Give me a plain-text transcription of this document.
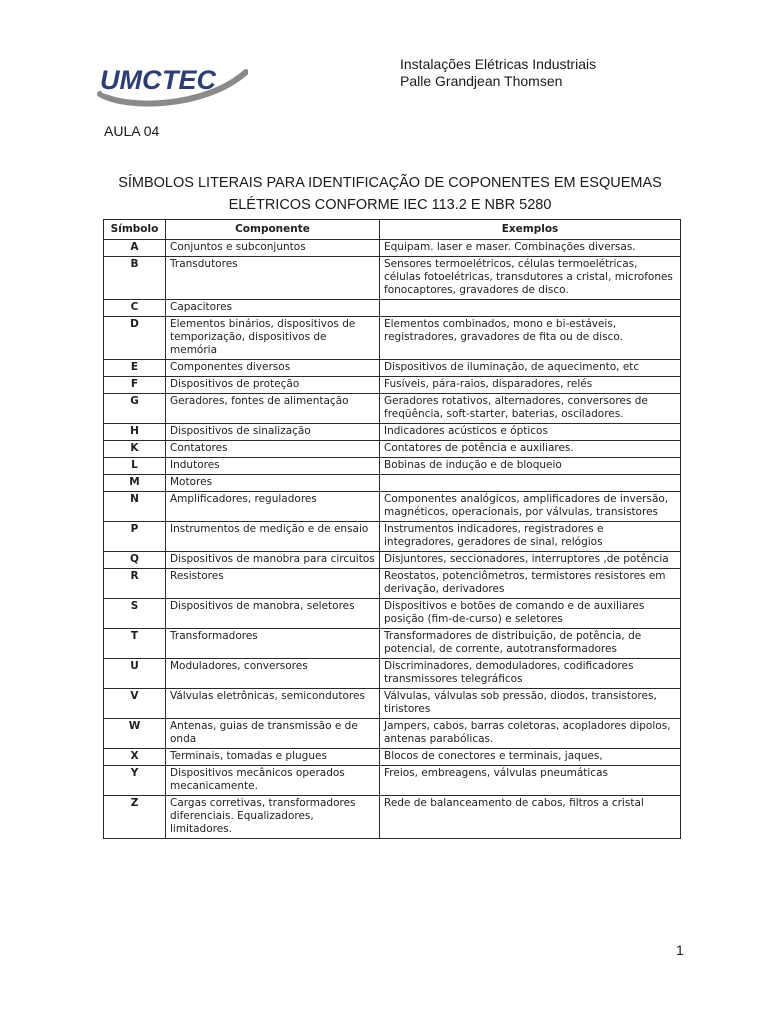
UMC TEC
Instalações Elétricas Industriais
Palle Grandjean Thomsen
AULA 04
SÍMBOLOS LITERAIS PARA IDENTIFICAÇÃO DE COPONENTES EM ESQUEMAS
ELÉTRICOS CONFORME IEC 113.2 E NBR 5280
Símbolo	Componente	Exemplos
A	Conjuntos e subconjuntos	Equipam. laser e maser. Combinações diversas.
B	Transdutores	Sensores termoelétricos, células termoelétricas, células fotoelétricas, transdutores a cristal, microfones fonocaptores, gravadores de disco.
C	Capacitores	
D	Elementos binários, dispositivos de temporização, dispositivos de memória	Elementos combinados, mono e bi-estáveis, registradores, gravadores de fita ou de disco.
E	Componentes diversos	Dispositivos de iluminação, de aquecimento, etc
F	Dispositivos de proteção	Fusíveis, pára-raios, disparadores, relés
G	Geradores, fontes de alimentação	Geradores rotativos, alternadores, conversores de freqüência, soft-starter, baterias, osciladores.
H	Dispositivos de sinalização	Indicadores acústicos e ópticos
K	Contatores	Contatores de potência e auxiliares.
L	Indutores	Bobinas de indução e de bloqueio
M	Motores	
N	Amplificadores, reguladores	Componentes analógicos, amplificadores de inversão, magnéticos, operacionais, por válvulas, transistores
P	Instrumentos de medição e de ensaio	Instrumentos indicadores, registradores e integradores, geradores de sinal, relógios
Q	Dispositivos de manobra para circuitos	Disjuntores, seccionadores, interruptores ,de potência
R	Resistores	Reostatos, potenciômetros, termistores resistores em derivação, derivadores
S	Dispositivos de manobra, seletores	Dispositivos e botões de comando e de auxiliares posição (fim-de-curso) e seletores
T	Transformadores	Transformadores de distribuição, de potência, de potencial, de corrente, autotransformadores
U	Moduladores, conversores	Discriminadores, demoduladores, codificadores transmissores telegráficos
V	Válvulas eletrônicas, semicondutores	Válvulas, válvulas sob pressão, diodos, transistores, tiristores
W	Antenas, guias de transmissão e de onda	Jampers, cabos, barras coletoras, acopladores dipolos, antenas parabólicas.
X	Terminais, tomadas e plugues	Blocos de conectores e terminais, jaques,
Y	Dispositivos mecânicos operados mecanicamente.	Freios, embreagens, válvulas pneumáticas
Z	Cargas corretivas, transformadores diferenciais. Equalizadores, limitadores.	Rede de balanceamento de cabos, filtros a cristal
1
